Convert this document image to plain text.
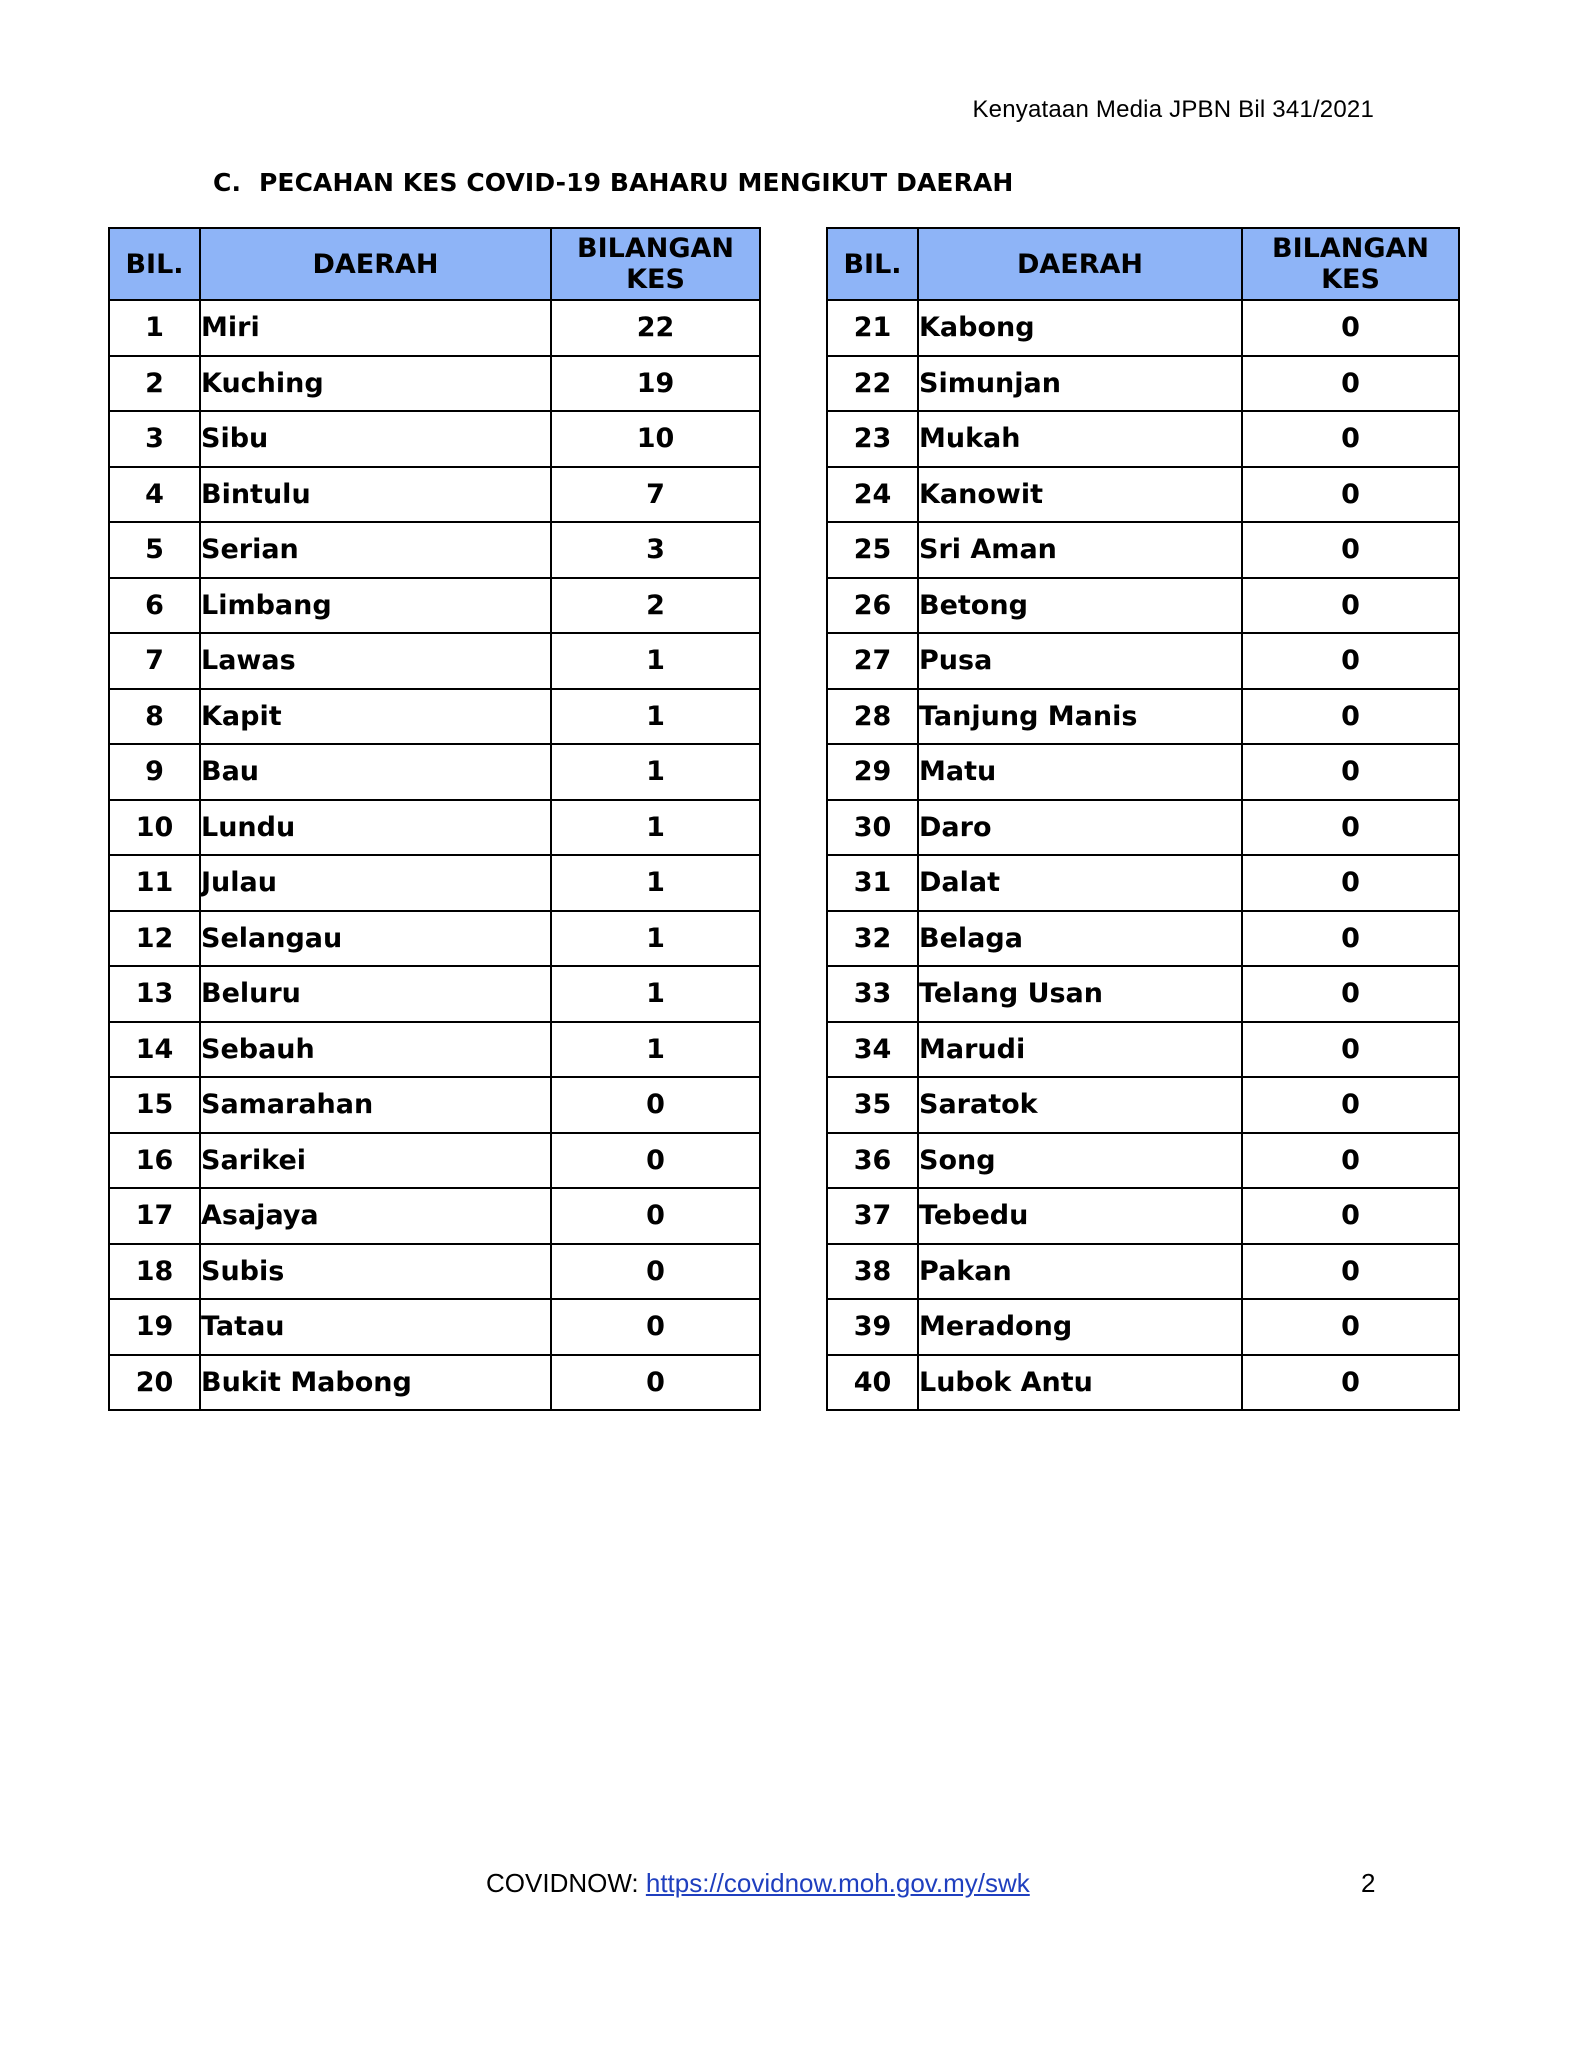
Kenyataan Media JPBN Bil 341/2021
C. PECAHAN KES COVID-19 BAHARU MENGIKUT DAERAH
BIL.	DAERAH	BILANGAN
KES
1	Miri	22
2	Kuching	19
3	Sibu	10
4	Bintulu	7
5	Serian	3
6	Limbang	2
7	Lawas	1
8	Kapit	1
9	Bau	1
10	Lundu	1
11	Julau	1
12	Selangau	1
13	Beluru	1
14	Sebauh	1
15	Samarahan	0
16	Sarikei	0
17	Asajaya	0
18	Subis	0
19	Tatau	0
20	Bukit Mabong	0
BIL.	DAERAH	BILANGAN
KES
21	Kabong	0
22	Simunjan	0
23	Mukah	0
24	Kanowit	0
25	Sri Aman	0
26	Betong	0
27	Pusa	0
28	Tanjung Manis	0
29	Matu	0
30	Daro	0
31	Dalat	0
32	Belaga	0
33	Telang Usan	0
34	Marudi	0
35	Saratok	0
36	Song	0
37	Tebedu	0
38	Pakan	0
39	Meradong	0
40	Lubok Antu	0
COVIDNOW: https://covidnow.moh.gov.my/swk	2
